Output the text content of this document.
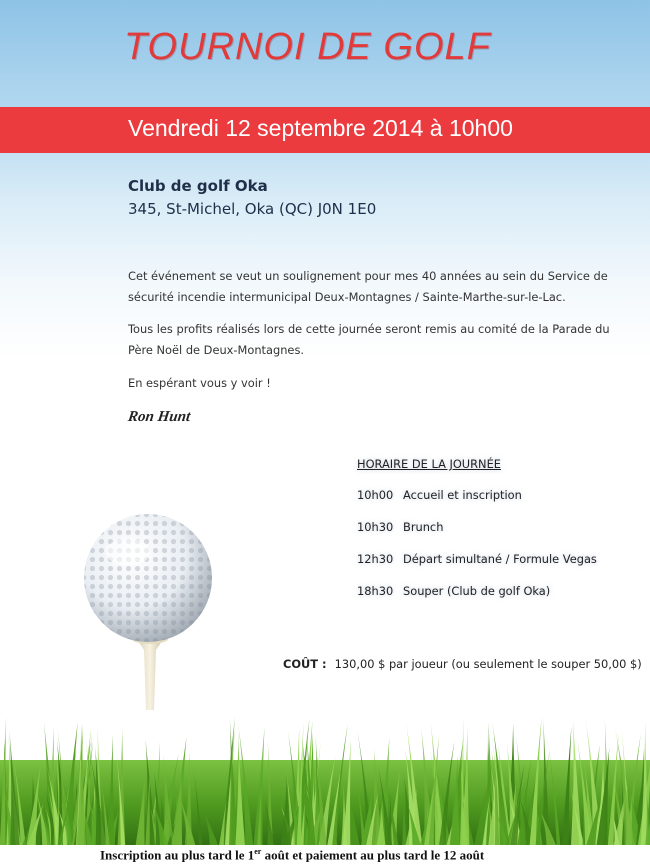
TOURNOI DE GOLF
Vendredi 12 septembre 2014 à 10h00
Club de golf Oka
345, St-Michel, Oka (QC) J0N 1E0

Cet événement se veut un soulignement pour mes 40 années au sein du Service de sécurité incendie intermunicipal Deux-Montagnes / Sainte-Marthe-sur-le-Lac.

Tous les profits réalisés lors de cette journée seront remis au comité de la Parade du Père Noël de Deux-Montagnes.

En espérant vous y voir !

Ron Hunt
HORAIRE DE LA JOURNÉE
10h00 Accueil et inscription
10h30 Brunch
12h30 Départ simultané / Formule Vegas
18h30 Souper (Club de golf Oka)
COÛT : 130,00 $ par joueur (ou seulement le souper 50,00 $)
Inscription au plus tard le 1er août et paiement au plus tard le 12 août
